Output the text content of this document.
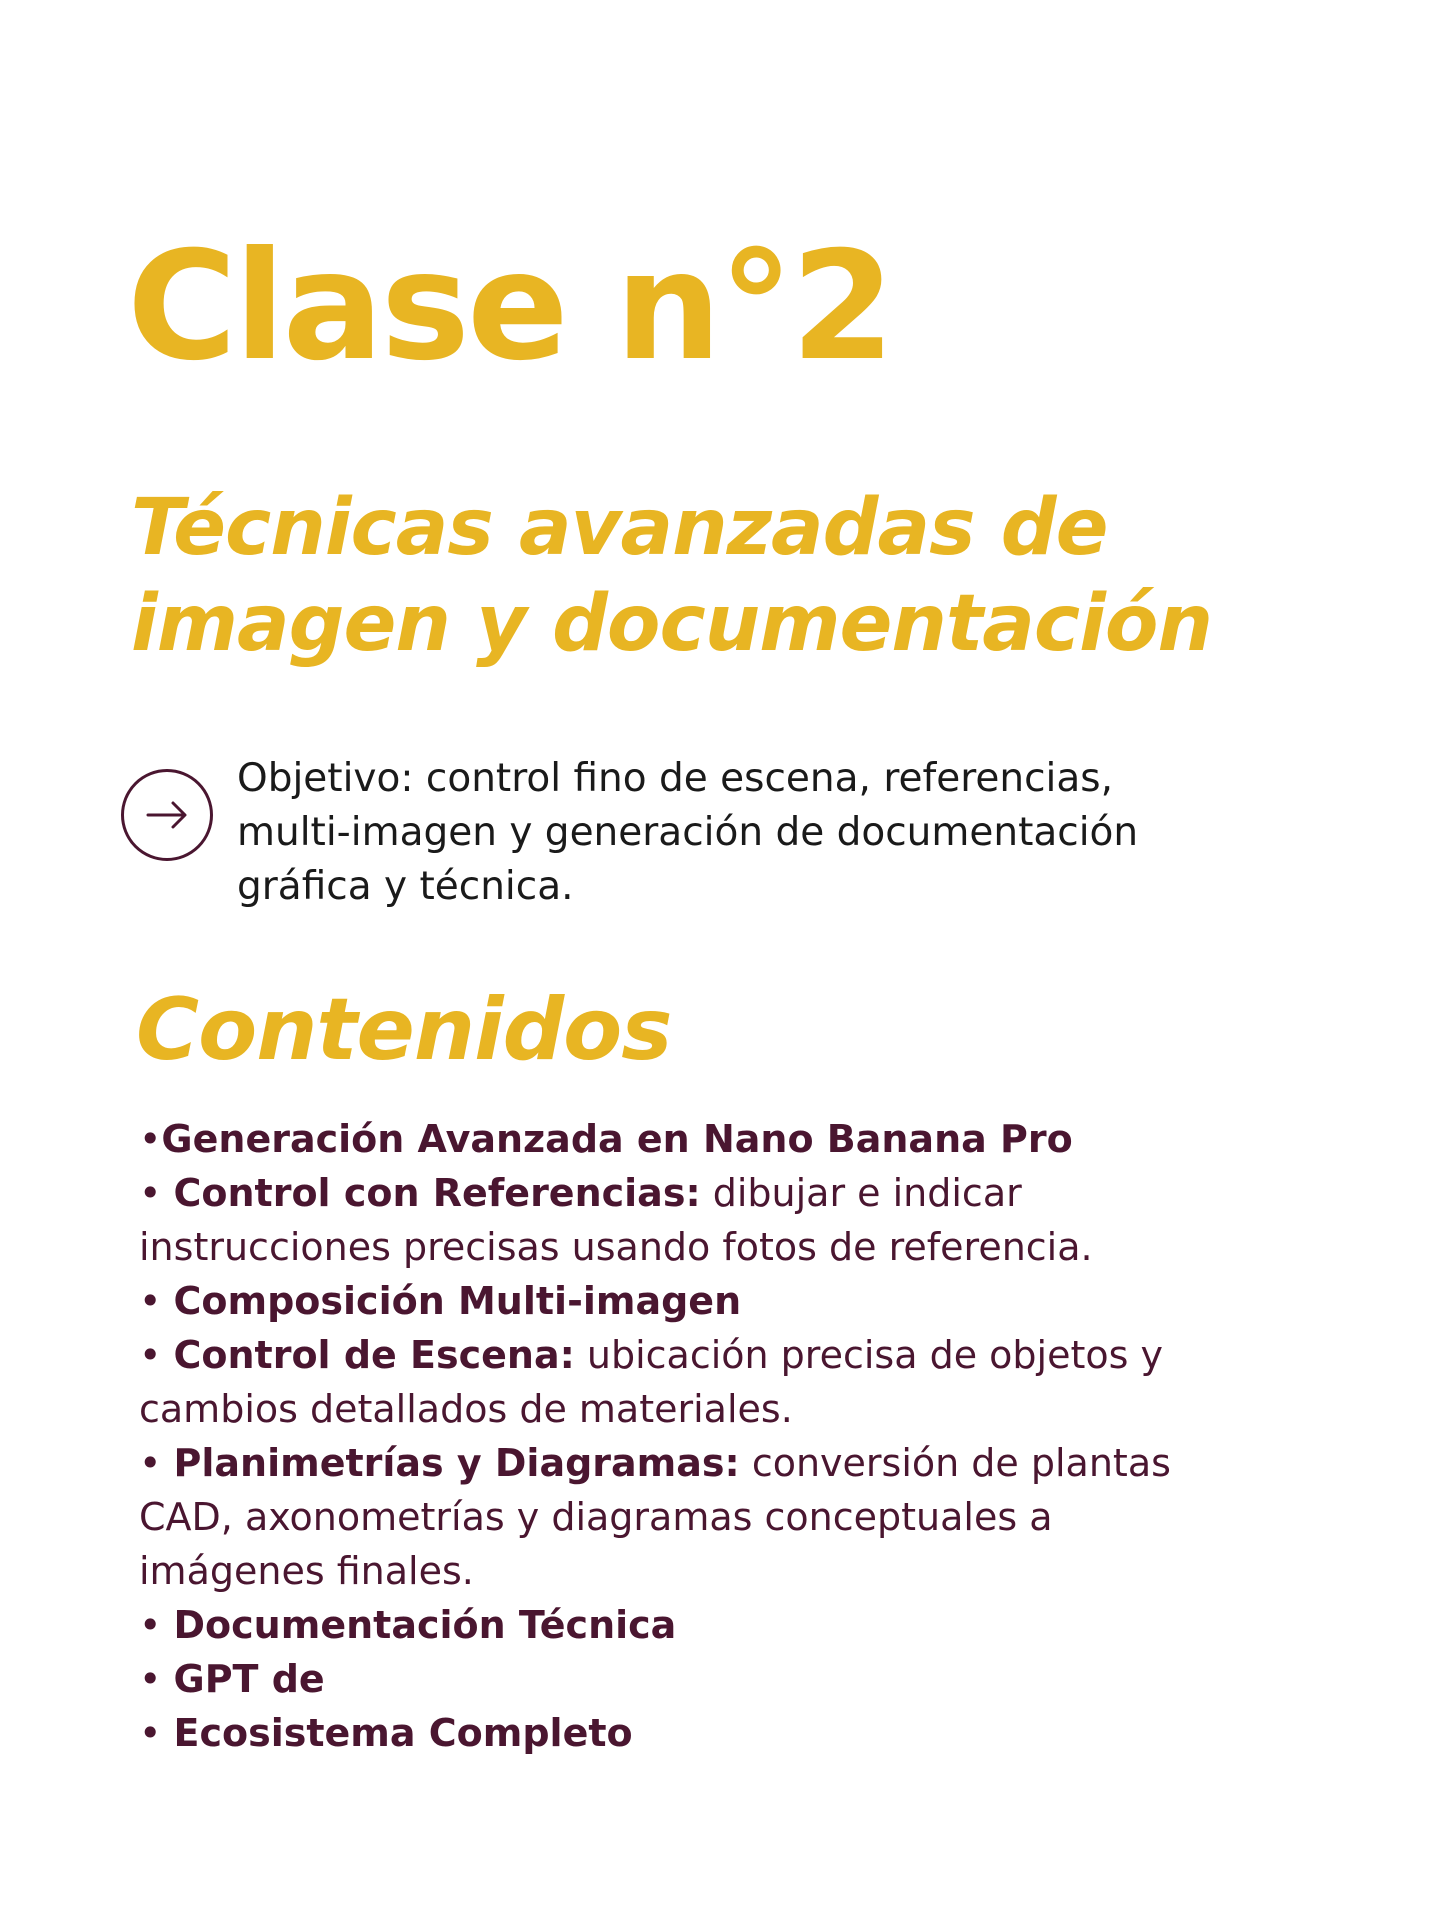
Clase n°2
Técnicas avanzadas de
imagen y documentación

Objetivo: control fino de escena, referencias,
multi-imagen y generación de documentación
gráfica y técnica.

Contenidos
•Generación Avanzada en Nano Banana Pro
• Control con Referencias: dibujar e indicar
instrucciones precisas usando fotos de referencia.
• Composición Multi-imagen
• Control de Escena: ubicación precisa de objetos y
cambios detallados de materiales.
• Planimetrías y Diagramas: conversión de plantas
CAD, axonometrías y diagramas conceptuales a
imágenes finales.
• Documentación Técnica
• GPT de
• Ecosistema Completo
